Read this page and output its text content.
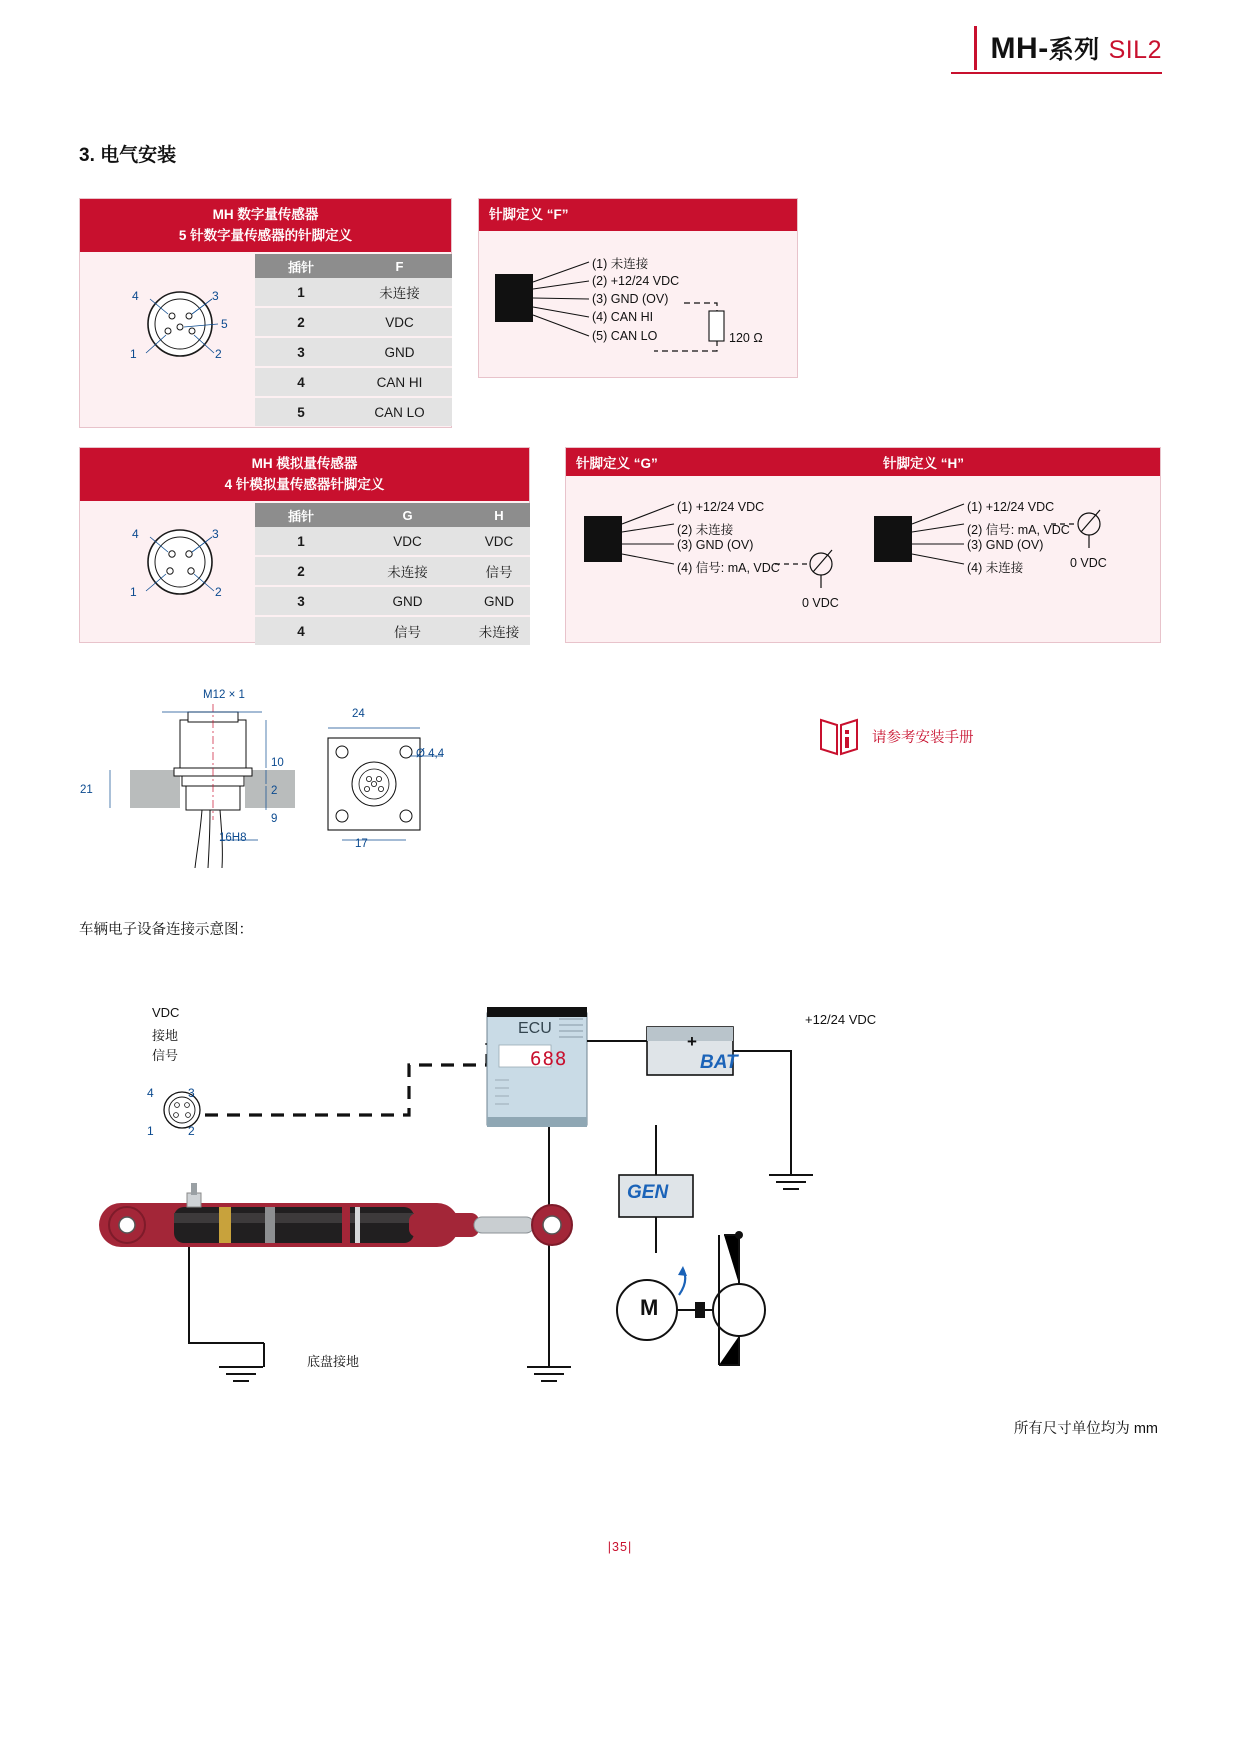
MH-系列 SIL2
3. 电气安装
MH 数字量传感器
5 针数字量传感器的针脚定义
4	3
5
1	2
插针	F
1	未连接
2	VDC
3	GND
4	CAN HI
5	CAN LO
针脚定义 “F”
(1) 未连接
(2) +12/24 VDC
(3) GND (OV)
(4) CAN HI
(5) CAN LO	120 Ω
MH 模拟量传感器
4 针模拟量传感器针脚定义
4	3
1	2
插针	G	H
1	VDC	VDC
2	未连接	信号
3	GND	GND
4	信号	未连接
针脚定义 “G”	针脚定义 “H”
(1) +12/24 VDC
(2) 未连接
(3) GND (OV)
(4) 信号: mA, VDC
0 VDC
(1) +12/24 VDC
(2) 信号: mA, VDC
(3) GND (OV)
(4) 未连接	0 VDC
M12 × 1
21
10
2
9
16H8
24
17
Ø 4,4
请参考安装手册
车辆电子设备连接示意图：
VDC
接地
信号
4	3
1	2
ECU
688
+
BAT
+12/24 VDC
GEN
M
底盘接地
所有尺寸单位均为 mm
|35|
